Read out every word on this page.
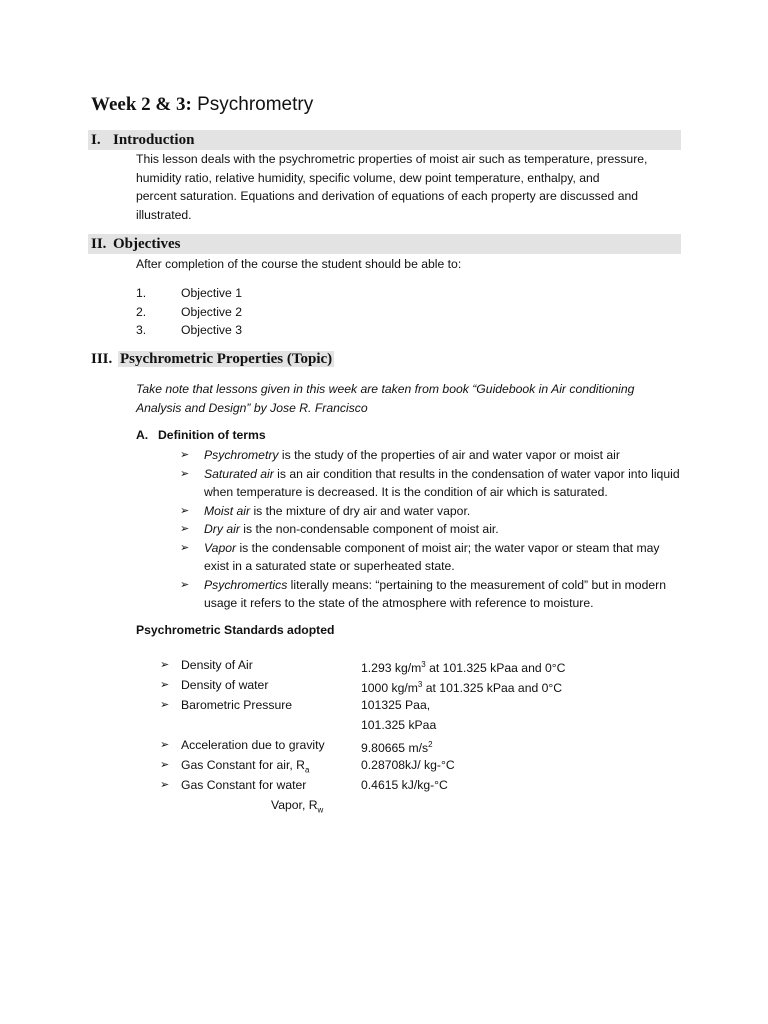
Week 2 & 3: Psychrometry
I. Introduction
This lesson deals with the psychrometric properties of moist air such as temperature, pressure,
humidity ratio, relative humidity, specific volume, dew point temperature, enthalpy, and
percent saturation. Equations and derivation of equations of each property are discussed and
illustrated.
II. Objectives
After completion of the course the student should be able to:
1.	Objective 1
2.	Objective 2
3.	Objective 3
III. Psychrometric Properties (Topic)
Take note that lessons given in this week are taken from book “Guidebook in Air conditioning
Analysis and Design” by Jose R. Francisco
A. Definition of terms
➢ Psychrometry is the study of the properties of air and water vapor or moist air
➢ Saturated air is an air condition that results in the condensation of water vapor into liquid when temperature is decreased. It is the condition of air which is saturated.
➢ Moist air is the mixture of dry air and water vapor.
➢ Dry air is the non-condensable component of moist air.
➢ Vapor is the condensable component of moist air; the water vapor or steam that may exist in a saturated state or superheated state.
➢ Psychromertics literally means: “pertaining to the measurement of cold” but in modern usage it refers to the state of the atmosphere with reference to moisture.
Psychrometric Standards adopted
➢ Density of Air	1.293 $kg/m^3$ at 101.325 kPaa and 0°C
➢ Density of water	1000 $kg/m^3$ at 101.325 kPaa and 0°C
➢ Barometric Pressure	101325 Paa,
101.325 kPaa
➢ Acceleration due to gravity	9.80665 $m/s^2$
➢ Gas Constant for air, $R_a$	0.28708kJ/ kg-°C
➢ Gas Constant for water	0.4615 kJ/kg-°C
Vapor, $R_w$
